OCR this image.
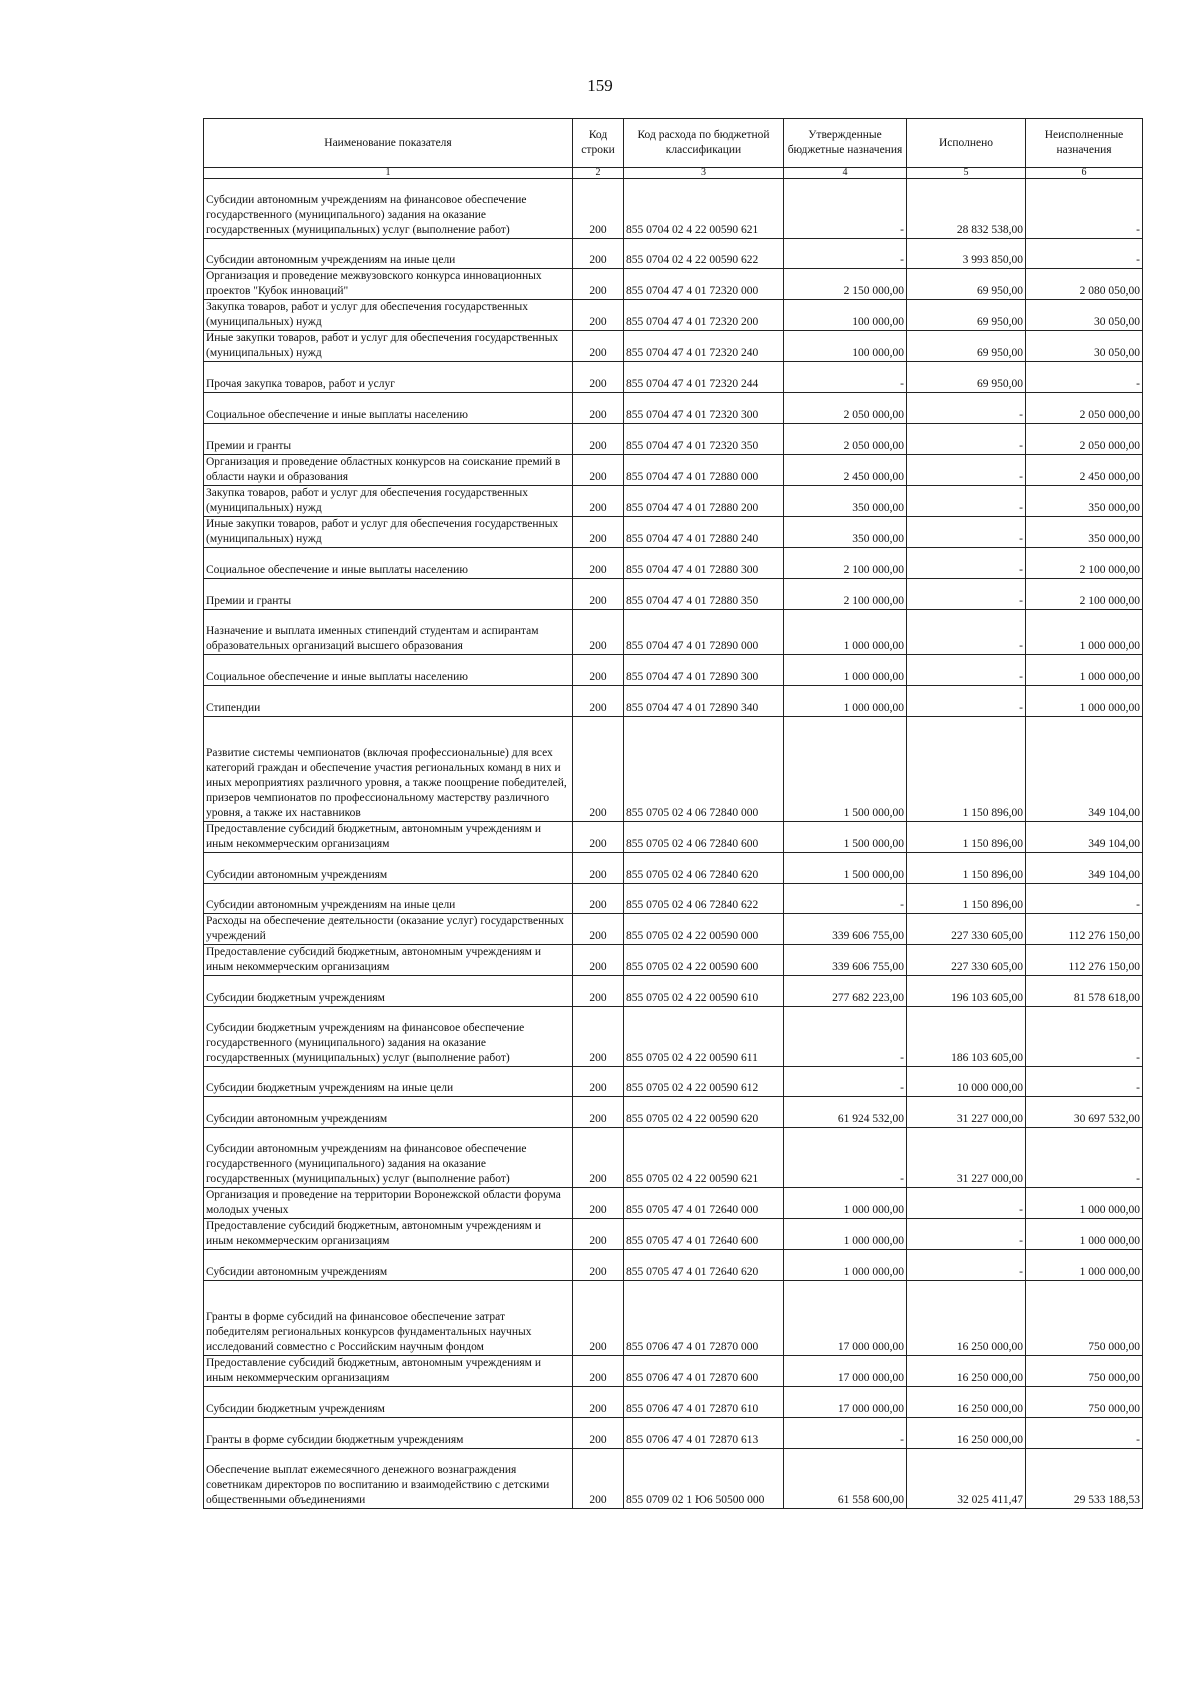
159
Наименование показателя	Код строки	Код расхода по бюджетной классификации	Утвержденные бюджетные назначения	Исполнено	Неисполненные назначения
1	2	3	4	5	6
Субсидии автономным учреждениям на финансовое обеспечение государственного (муниципального) задания на оказание государственных (муниципальных) услуг (выполнение работ)	200	855 0704 02 4 22 00590 621	-	28 832 538,00	-
Субсидии автономным учреждениям на иные цели	200	855 0704 02 4 22 00590 622	-	3 993 850,00	-
Организация и проведение межвузовского конкурса инновационных проектов "Кубок инноваций"	200	855 0704 47 4 01 72320 000	2 150 000,00	69 950,00	2 080 050,00
Закупка товаров, работ и услуг для обеспечения государственных (муниципальных) нужд	200	855 0704 47 4 01 72320 200	100 000,00	69 950,00	30 050,00
Иные закупки товаров, работ и услуг для обеспечения государственных (муниципальных) нужд	200	855 0704 47 4 01 72320 240	100 000,00	69 950,00	30 050,00
Прочая закупка товаров, работ и услуг	200	855 0704 47 4 01 72320 244	-	69 950,00	-
Социальное обеспечение и иные выплаты населению	200	855 0704 47 4 01 72320 300	2 050 000,00	-	2 050 000,00
Премии и гранты	200	855 0704 47 4 01 72320 350	2 050 000,00	-	2 050 000,00
Организация и проведение областных конкурсов на соискание премий в области науки и образования	200	855 0704 47 4 01 72880 000	2 450 000,00	-	2 450 000,00
Закупка товаров, работ и услуг для обеспечения государственных (муниципальных) нужд	200	855 0704 47 4 01 72880 200	350 000,00	-	350 000,00
Иные закупки товаров, работ и услуг для обеспечения государственных (муниципальных) нужд	200	855 0704 47 4 01 72880 240	350 000,00	-	350 000,00
Социальное обеспечение и иные выплаты населению	200	855 0704 47 4 01 72880 300	2 100 000,00	-	2 100 000,00
Премии и гранты	200	855 0704 47 4 01 72880 350	2 100 000,00	-	2 100 000,00
Назначение и выплата именных стипендий студентам и аспирантам образовательных организаций высшего образования	200	855 0704 47 4 01 72890 000	1 000 000,00	-	1 000 000,00
Социальное обеспечение и иные выплаты населению	200	855 0704 47 4 01 72890 300	1 000 000,00	-	1 000 000,00
Стипендии	200	855 0704 47 4 01 72890 340	1 000 000,00	-	1 000 000,00
Развитие системы чемпионатов (включая профессиональные) для всех категорий граждан и обеспечение участия региональных команд в них и иных мероприятиях различного уровня, а также поощрение победителей, призеров чемпионатов по профессиональному мастерству различного уровня, а также их наставников	200	855 0705 02 4 06 72840 000	1 500 000,00	1 150 896,00	349 104,00
Предоставление субсидий бюджетным, автономным учреждениям и иным некоммерческим организациям	200	855 0705 02 4 06 72840 600	1 500 000,00	1 150 896,00	349 104,00
Субсидии автономным учреждениям	200	855 0705 02 4 06 72840 620	1 500 000,00	1 150 896,00	349 104,00
Субсидии автономным учреждениям на иные цели	200	855 0705 02 4 06 72840 622	-	1 150 896,00	-
Расходы на обеспечение деятельности (оказание услуг) государственных учреждений	200	855 0705 02 4 22 00590 000	339 606 755,00	227 330 605,00	112 276 150,00
Предоставление субсидий бюджетным, автономным учреждениям и иным некоммерческим организациям	200	855 0705 02 4 22 00590 600	339 606 755,00	227 330 605,00	112 276 150,00
Субсидии бюджетным учреждениям	200	855 0705 02 4 22 00590 610	277 682 223,00	196 103 605,00	81 578 618,00
Субсидии бюджетным учреждениям на финансовое обеспечение государственного (муниципального) задания на оказание государственных (муниципальных) услуг (выполнение работ)	200	855 0705 02 4 22 00590 611	-	186 103 605,00	-
Субсидии бюджетным учреждениям на иные цели	200	855 0705 02 4 22 00590 612	-	10 000 000,00	-
Субсидии автономным учреждениям	200	855 0705 02 4 22 00590 620	61 924 532,00	31 227 000,00	30 697 532,00
Субсидии автономным учреждениям на финансовое обеспечение государственного (муниципального) задания на оказание государственных (муниципальных) услуг (выполнение работ)	200	855 0705 02 4 22 00590 621	-	31 227 000,00	-
Организация и проведение на территории Воронежской области форума молодых ученых	200	855 0705 47 4 01 72640 000	1 000 000,00	-	1 000 000,00
Предоставление субсидий бюджетным, автономным учреждениям и иным некоммерческим организациям	200	855 0705 47 4 01 72640 600	1 000 000,00	-	1 000 000,00
Субсидии автономным учреждениям	200	855 0705 47 4 01 72640 620	1 000 000,00	-	1 000 000,00
Гранты в форме субсидий на финансовое обеспечение затрат победителям региональных конкурсов фундаментальных научных исследований совместно с Российским научным фондом	200	855 0706 47 4 01 72870 000	17 000 000,00	16 250 000,00	750 000,00
Предоставление субсидий бюджетным, автономным учреждениям и иным некоммерческим организациям	200	855 0706 47 4 01 72870 600	17 000 000,00	16 250 000,00	750 000,00
Субсидии бюджетным учреждениям	200	855 0706 47 4 01 72870 610	17 000 000,00	16 250 000,00	750 000,00
Гранты в форме субсидии бюджетным учреждениям	200	855 0706 47 4 01 72870 613	-	16 250 000,00	-
Обеспечение выплат ежемесячного денежного вознаграждения советникам директоров по воспитанию и взаимодействию с детскими общественными объединениями	200	855 0709 02 1 Ю6 50500 000	61 558 600,00	32 025 411,47	29 533 188,53
